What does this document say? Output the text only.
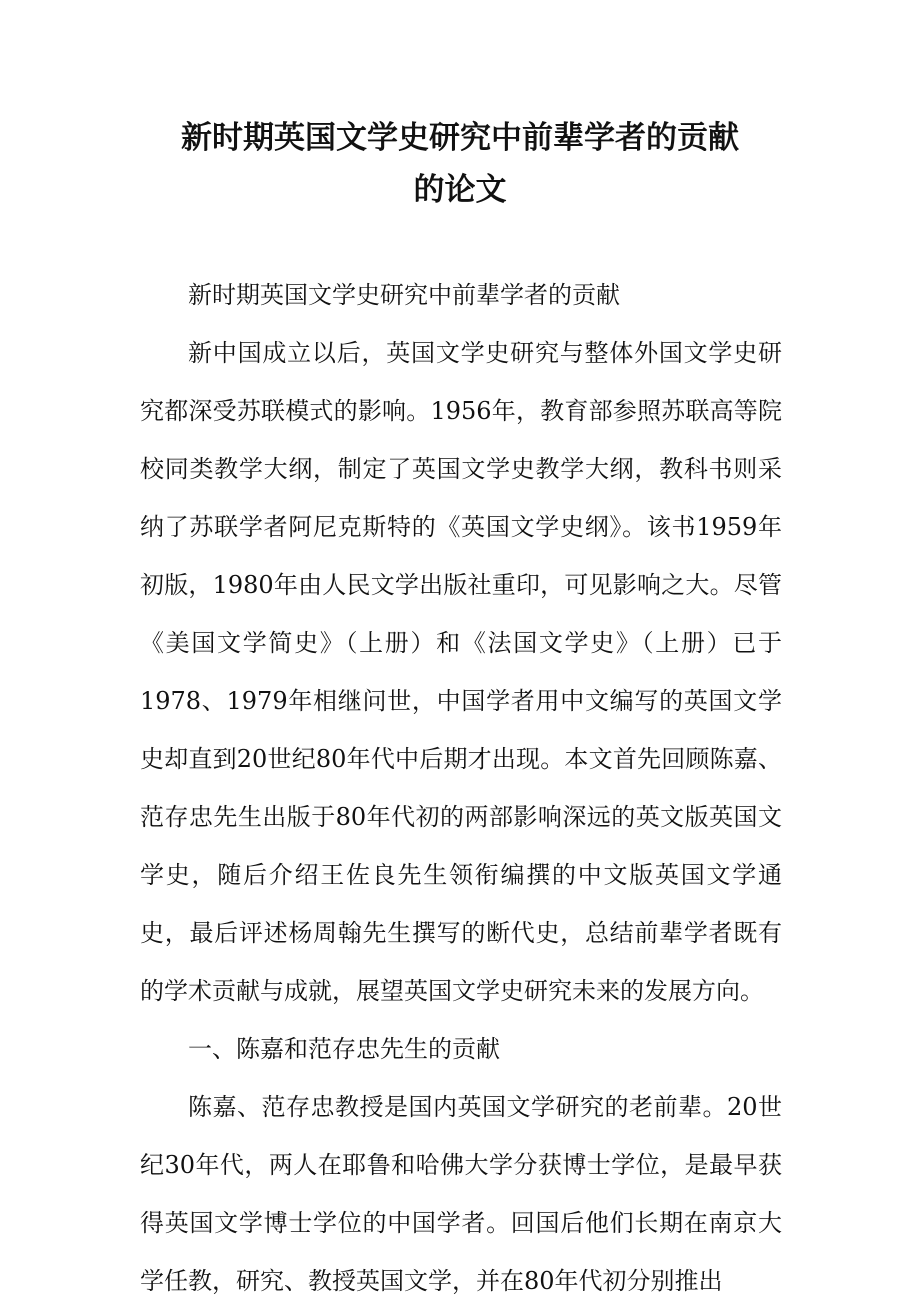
新时期英国文学史研究中前辈学者的贡献
的论文

新时期英国文学史研究中前辈学者的贡献

新中国成立以后，英国文学史研究与整体外国文学史研究都深受苏联模式的影响。1956年，教育部参照苏联高等院校同类教学大纲，制定了英国文学史教学大纲，教科书则采纳了苏联学者阿尼克斯特的《英国文学史纲》。该书1959年初版，1980年由人民文学出版社重印，可见影响之大。尽管《美国文学简史》（上册）和《法国文学史》（上册）已于1978、1979年相继问世，中国学者用中文编写的英国文学史却直到20世纪80年代中后期才出现。本文首先回顾陈嘉、范存忠先生出版于80年代初的两部影响深远的英文版英国文学史，随后介绍王佐良先生领衔编撰的中文版英国文学通史，最后评述杨周翰先生撰写的断代史，总结前辈学者既有的学术贡献与成就，展望英国文学史研究未来的发展方向。

一、陈嘉和范存忠先生的贡献

陈嘉、范存忠教授是国内英国文学研究的老前辈。20世纪30年代，两人在耶鲁和哈佛大学分获博士学位，是最早获得英国文学博士学位的中国学者。回国后他们长期在南京大学任教，研究、教授英国文学，并在80年代初分别推出
